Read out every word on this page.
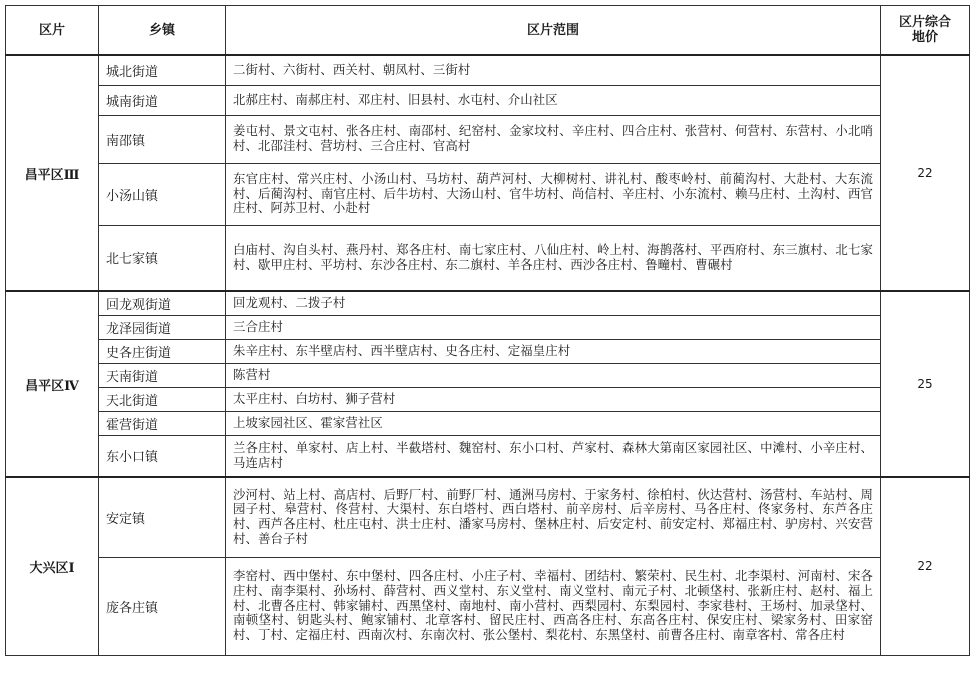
区片	乡镇	区片范围	区片综合
地价

昌平区Ⅲ	城北街道	二街村、六街村、西关村、朝凤村、三街村	22
	城南街道	北郝庄村、南郝庄村、邓庄村、旧县村、水屯村、介山社区	
	南邵镇	姜屯村、景文屯村、张各庄村、南邵村、纪窑村、金家坟村、辛庄村、四合庄村、张营村、何营村、东营村、小北哨村、北邵洼村、营坊村、三合庄村、官高村	
	小汤山镇	东官庄村、常兴庄村、小汤山村、马坊村、葫芦河村、大柳树村、讲礼村、酸枣岭村、前蔺沟村、大赴村、大东流村、后蔺沟村、南官庄村、后牛坊村、大汤山村、官牛坊村、尚信村、辛庄村、小东流村、赖马庄村、土沟村、西官庄村、阿苏卫村、小赴村	
	北七家镇	白庙村、沟自头村、燕丹村、郑各庄村、南七家庄村、八仙庄村、岭上村、海鹊落村、平西府村、东三旗村、北七家村、歇甲庄村、平坊村、东沙各庄村、东二旗村、羊各庄村、西沙各庄村、鲁疃村、曹碾村	
昌平区Ⅳ	回龙观街道	回龙观村、二拨子村	25
	龙泽园街道	三合庄村	
	史各庄街道	朱辛庄村、东半壁店村、西半壁店村、史各庄村、定福皇庄村	
	天南街道	陈营村	
	天北街道	太平庄村、白坊村、狮子营村	
	霍营街道	上坡家园社区、霍家营社区	
	东小口镇	兰各庄村、单家村、店上村、半截塔村、魏窑村、东小口村、芦家村、森林大第南区家园社区、中滩村、小辛庄村、马连店村	
大兴区Ⅰ	安定镇	沙河村、站上村、高店村、后野厂村、前野厂村、通洲马房村、于家务村、徐柏村、伙达营村、汤营村、车站村、周园子村、皋营村、佟营村、大渠村、东白塔村、西白塔村、前辛房村、后辛房村、马各庄村、佟家务村、东芦各庄村、西芦各庄村、杜庄屯村、洪士庄村、潘家马房村、堡林庄村、后安定村、前安定村、郑福庄村、驴房村、兴安营村、善台子村	22
	庞各庄镇	李窑村、西中堡村、东中堡村、四各庄村、小庄子村、幸福村、团结村、繁荣村、民生村、北李渠村、河南村、宋各庄村、南李渠村、孙场村、薛营村、西义堂村、东义堂村、南义堂村、南元子村、北顿垡村、张新庄村、赵村、福上村、北曹各庄村、韩家铺村、西黑垡村、南地村、南小营村、西梨园村、东梨园村、李家巷村、王场村、加录垡村、南顿垡村、钥匙头村、鲍家铺村、北章客村、留民庄村、西高各庄村、东高各庄村、保安庄村、梁家务村、田家窑村、丁村、定福庄村、西南次村、东南次村、张公堡村、梨花村、东黑垡村、前曹各庄村、南章客村、常各庄村	
